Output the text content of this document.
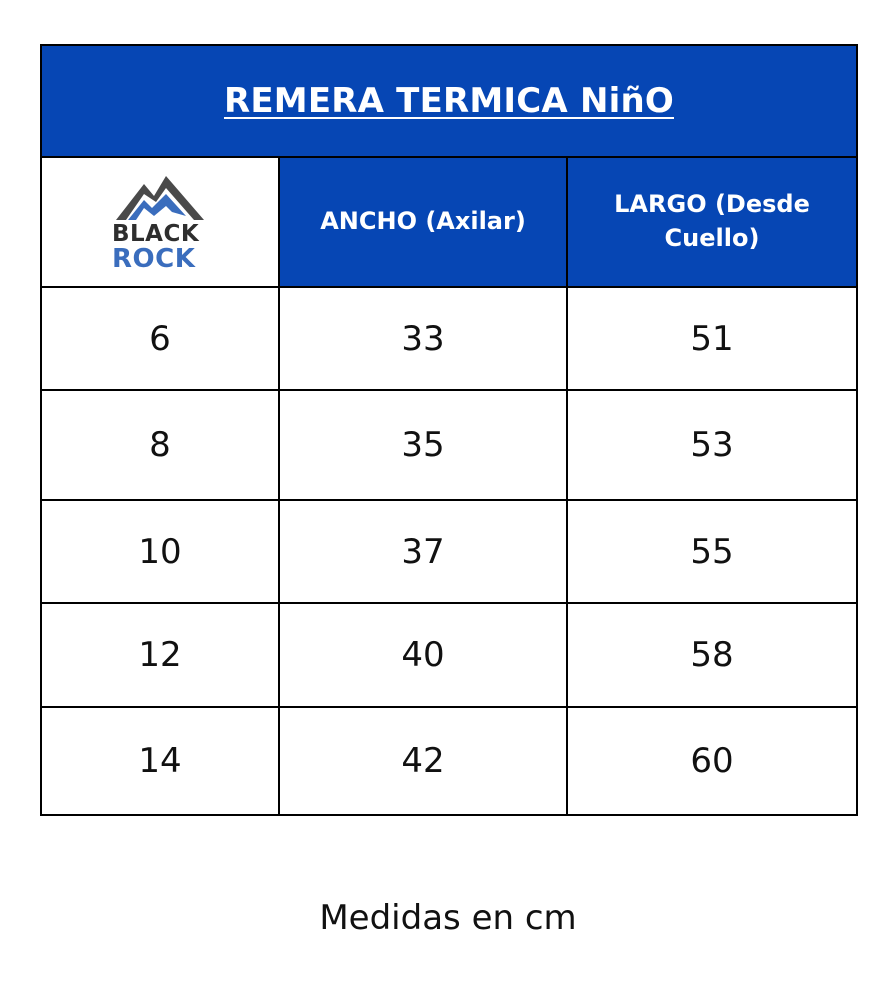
REMERA TERMICA NiñO		

BLACK
ROCK	ANCHO (Axilar)	LARGO (Desde Cuello)
6	33	51
8	35	53
10	37	55
12	40	58
14	42	60
Medidas en cm
